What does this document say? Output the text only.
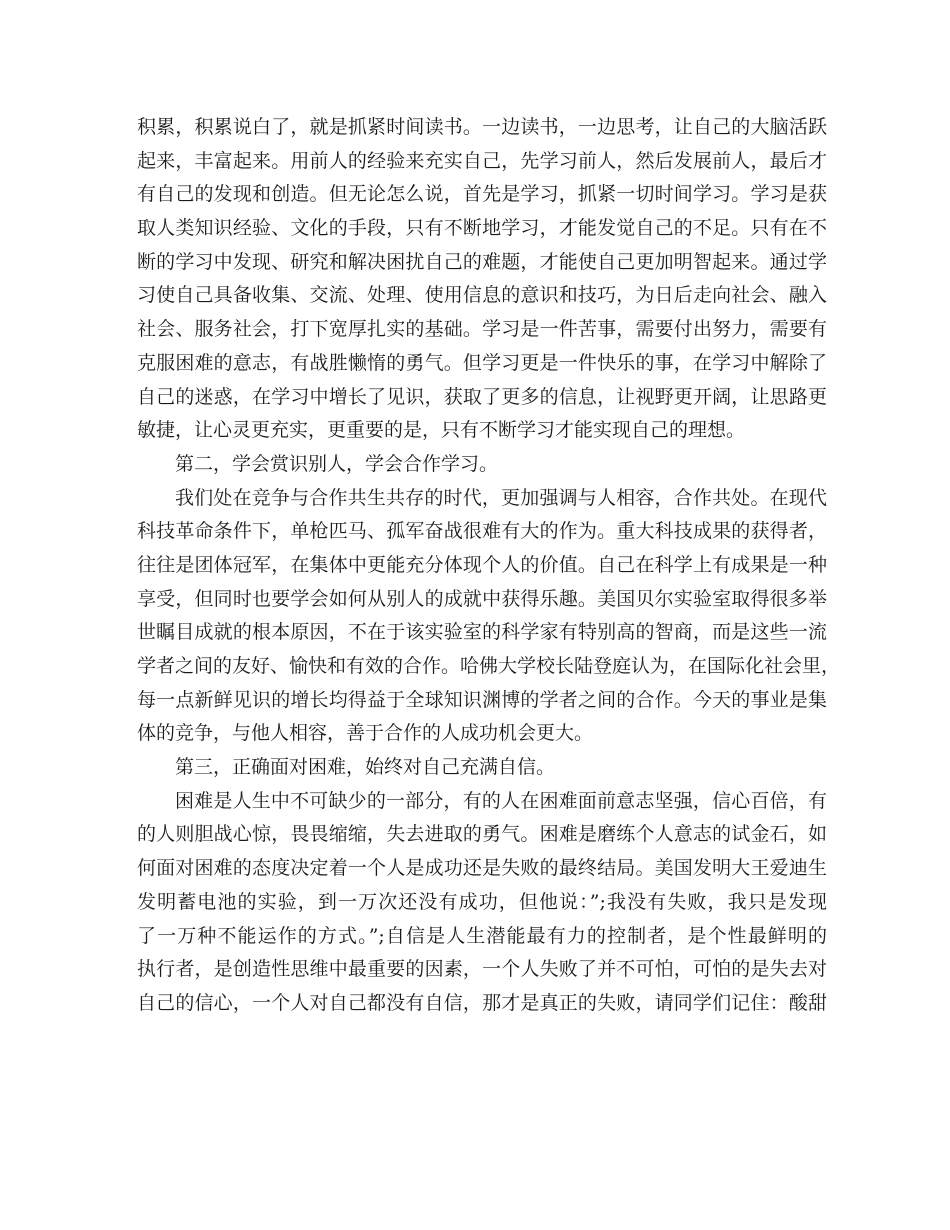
积累，积累说白了，就是抓紧时间读书。一边读书，一边思考，让自己的大脑活跃
起来，丰富起来。用前人的经验来充实自己，先学习前人，然后发展前人，最后才
有自己的发现和创造。但无论怎么说，首先是学习，抓紧一切时间学习。学习是获
取人类知识经验、文化的手段，只有不断地学习，才能发觉自己的不足。只有在不
断的学习中发现、研究和解决困扰自己的难题，才能使自己更加明智起来。通过学
习使自己具备收集、交流、处理、使用信息的意识和技巧，为日后走向社会、融入
社会、服务社会，打下宽厚扎实的基础。学习是一件苦事，需要付出努力，需要有
克服困难的意志，有战胜懒惰的勇气。但学习更是一件快乐的事，在学习中解除了
自己的迷惑，在学习中增长了见识，获取了更多的信息，让视野更开阔，让思路更
敏捷，让心灵更充实，更重要的是，只有不断学习才能实现自己的理想。
第二，学会赏识别人，学会合作学习。
我们处在竞争与合作共生共存的时代，更加强调与人相容，合作共处。在现代
科技革命条件下，单枪匹马、孤军奋战很难有大的作为。重大科技成果的获得者，
往往是团体冠军，在集体中更能充分体现个人的价值。自己在科学上有成果是一种
享受，但同时也要学会如何从别人的成就中获得乐趣。美国贝尔实验室取得很多举
世瞩目成就的根本原因，不在于该实验室的科学家有特别高的智商，而是这些一流
学者之间的友好、愉快和有效的合作。哈佛大学校长陆登庭认为，在国际化社会里，
每一点新鲜见识的增长均得益于全球知识渊博的学者之间的合作。今天的事业是集
体的竞争，与他人相容，善于合作的人成功机会更大。
第三，正确面对困难，始终对自己充满自信。
困难是人生中不可缺少的一部分，有的人在困难面前意志坚强，信心百倍，有
的人则胆战心惊，畏畏缩缩，失去进取的勇气。困难是磨练个人意志的试金石，如
何面对困难的态度决定着一个人是成功还是失败的最终结局。美国发明大王爱迪生
发明蓄电池的实验，到一万次还没有成功，但他说：”;我没有失败，我只是发现
了一万种不能运作的方式。”;自信是人生潜能最有力的控制者，是个性最鲜明的
执行者，是创造性思维中最重要的因素，一个人失败了并不可怕，可怕的是失去对
自己的信心，一个人对自己都没有自信，那才是真正的失败，请同学们记住：酸甜
